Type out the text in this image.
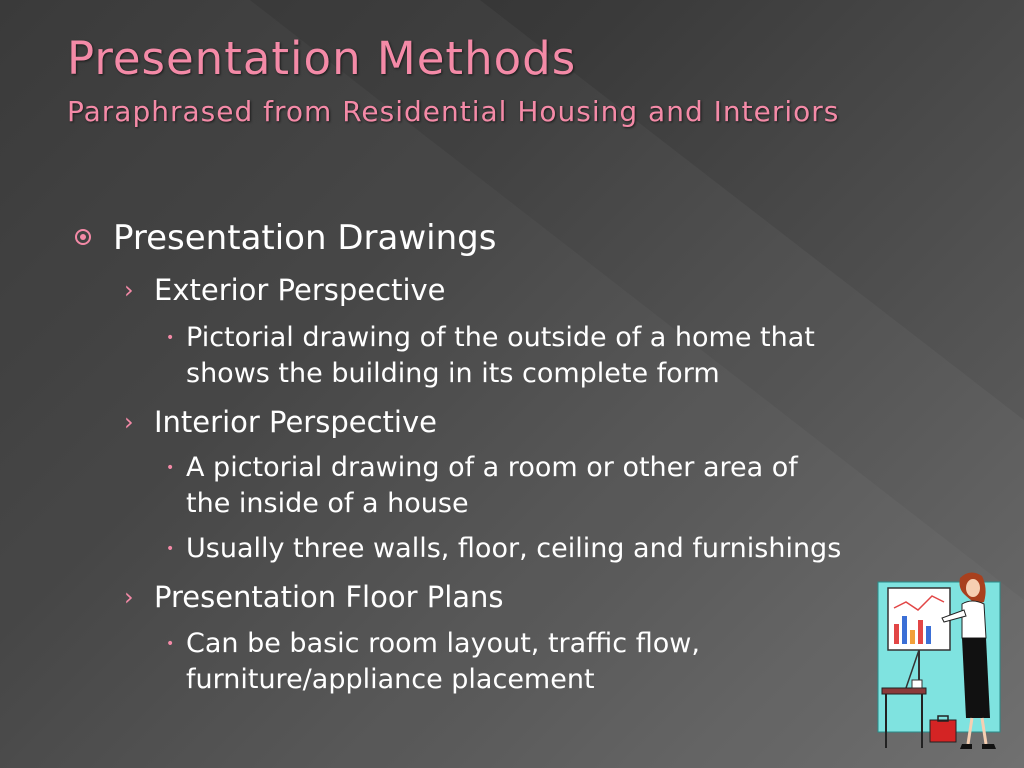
Presentation Methods
Paraphrased from Residential Housing and Interiors
Presentation Drawings
› Exterior Perspective
• Pictorial drawing of the outside of a home that
shows the building in its complete form
› Interior Perspective
• A pictorial drawing of a room or other area of
the inside of a house
• Usually three walls, floor, ceiling and furnishings
› Presentation Floor Plans
• Can be basic room layout, traffic flow,
furniture/appliance placement
